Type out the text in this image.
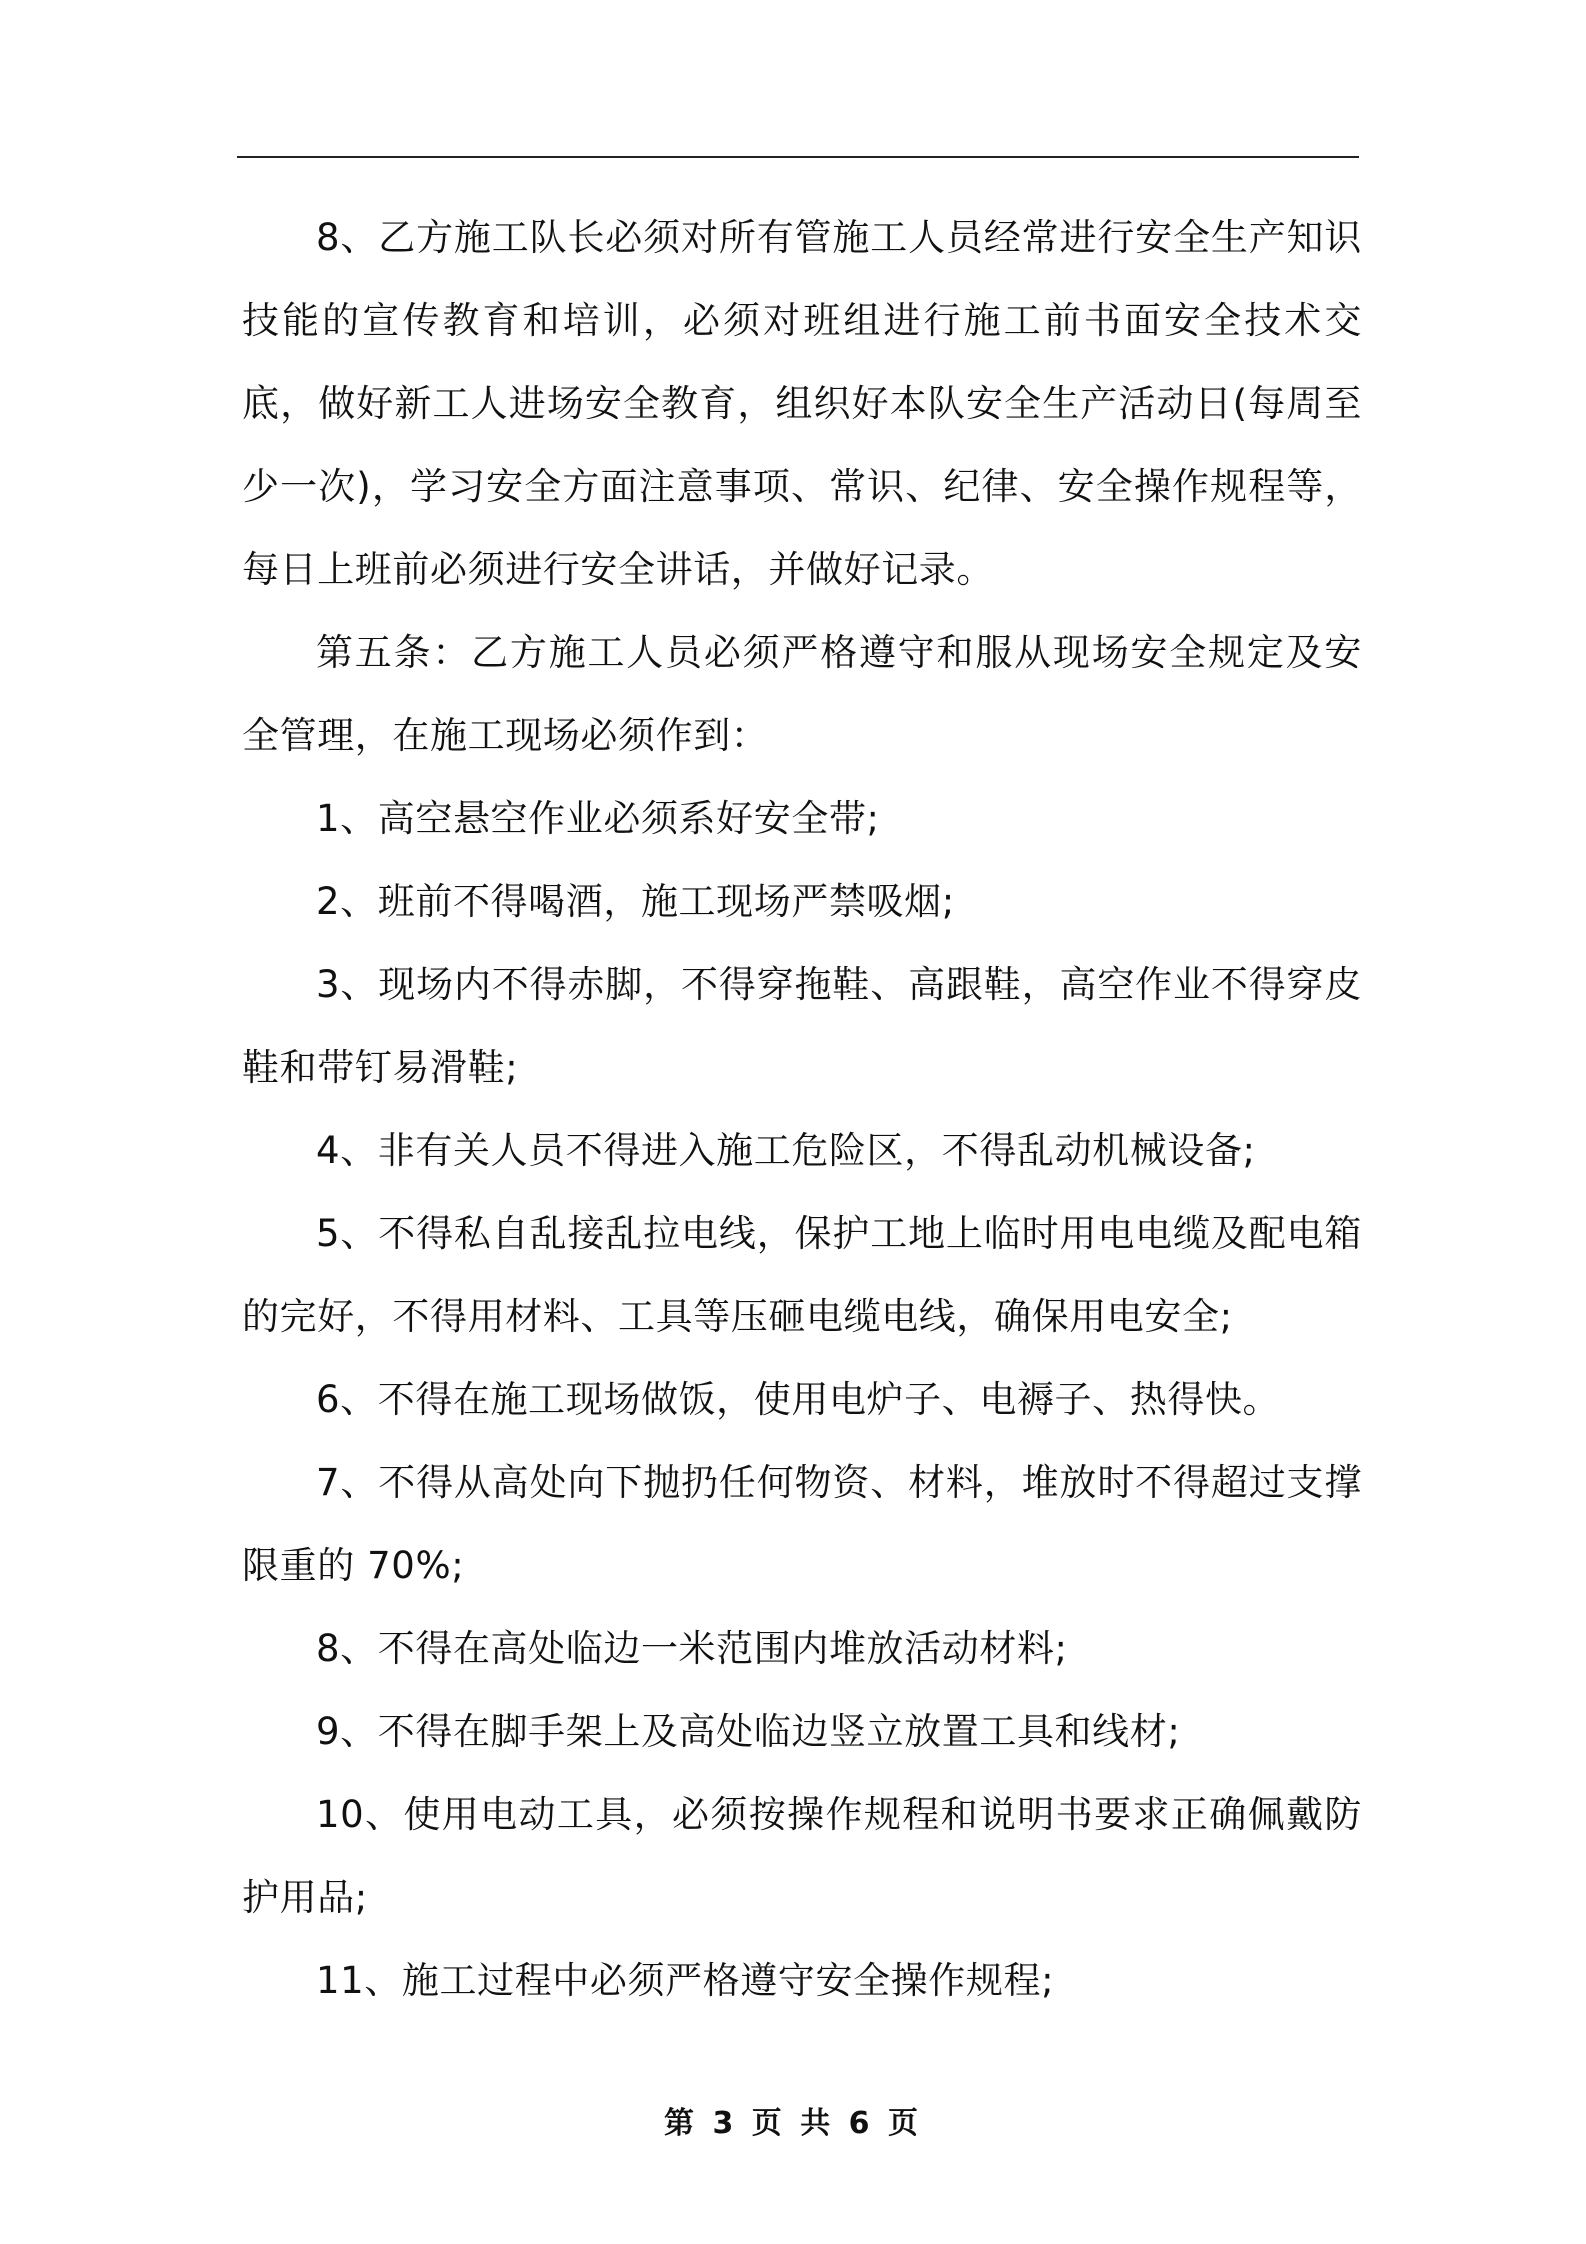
8、乙方施工队长必须对所有管施工人员经常进行安全生产知识技能的宣传教育和培训，必须对班组进行施工前书面安全技术交底，做好新工人进场安全教育，组织好本队安全生产活动日(每周至少一次)，学习安全方面注意事项、常识、纪律、安全操作规程等，每日上班前必须进行安全讲话，并做好记录。

第五条：乙方施工人员必须严格遵守和服从现场安全规定及安全管理，在施工现场必须作到：

1、高空悬空作业必须系好安全带;

2、班前不得喝酒，施工现场严禁吸烟;

3、现场内不得赤脚，不得穿拖鞋、高跟鞋，高空作业不得穿皮鞋和带钉易滑鞋;

4、非有关人员不得进入施工危险区，不得乱动机械设备;

5、不得私自乱接乱拉电线，保护工地上临时用电电缆及配电箱的完好，不得用材料、工具等压砸电缆电线，确保用电安全;

6、不得在施工现场做饭，使用电炉子、电褥子、热得快。

7、不得从高处向下抛扔任何物资、材料，堆放时不得超过支撑限重的 70%;

8、不得在高处临边一米范围内堆放活动材料;

9、不得在脚手架上及高处临边竖立放置工具和线材;

10、使用电动工具，必须按操作规程和说明书要求正确佩戴防护用品;

11、施工过程中必须严格遵守安全操作规程;

第 3 页 共 6 页
